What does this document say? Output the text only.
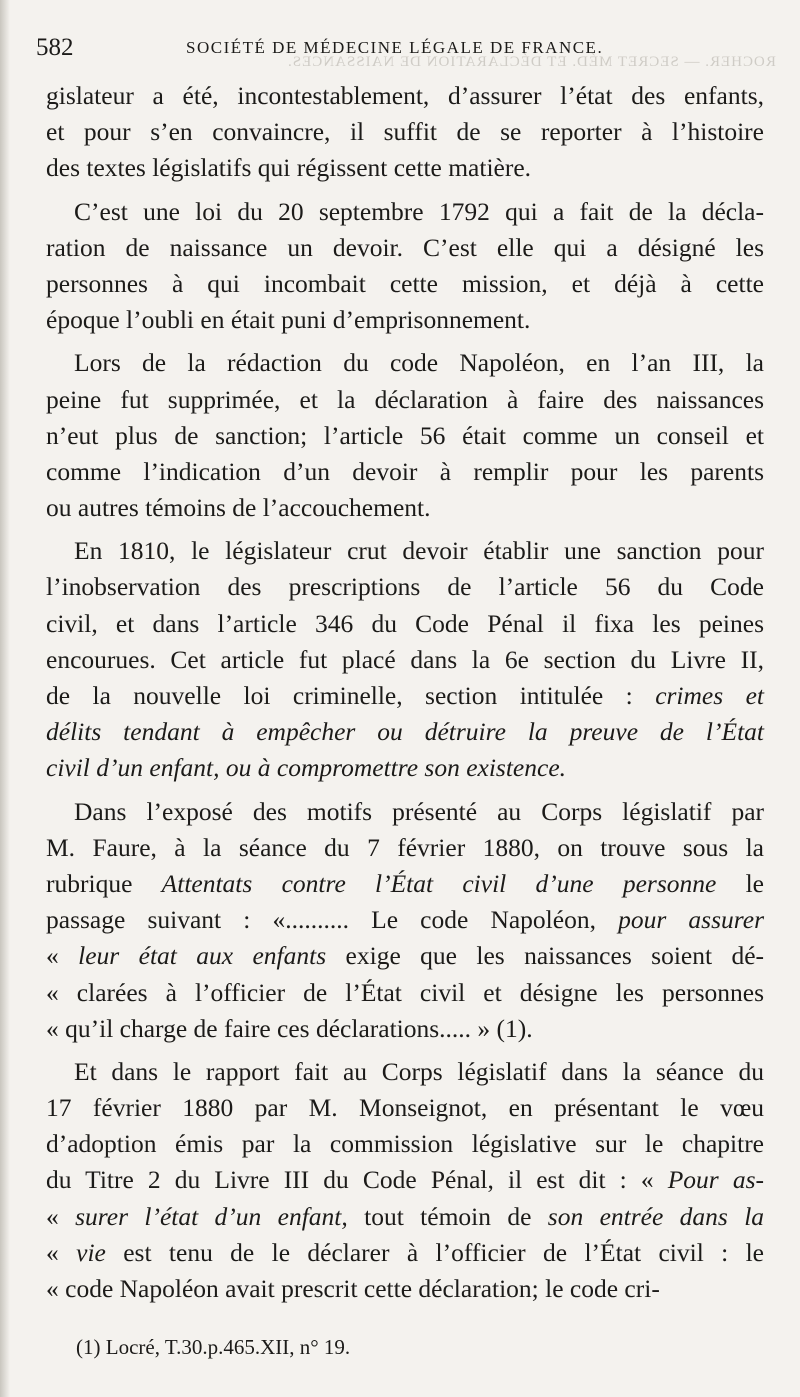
582	SOCIÉTÉ DE MÉDECINE LÉGALE DE FRANCE.
ROCHER. — SECRET MÉD. ET DÉCLARATION DE NAISSANCES.
gislateur a été, incontestablement, d’assurer l’état des enfants,
et pour s’en convaincre, il suffit de se reporter à l’histoire
des textes législatifs qui régissent cette matière.
C’est une loi du 20 septembre 1792 qui a fait de la décla-
ration de naissance un devoir. C’est elle qui a désigné les
personnes à qui incombait cette mission, et déjà à cette
époque l’oubli en était puni d’emprisonnement.
Lors de la rédaction du code Napoléon, en l’an III, la
peine fut supprimée, et la déclaration à faire des naissances
n’eut plus de sanction; l’article 56 était comme un conseil et
comme l’indication d’un devoir à remplir pour les parents
ou autres témoins de l’accouchement.
En 1810, le législateur crut devoir établir une sanction pour
l’inobservation des prescriptions de l’article 56 du Code
civil, et dans l’article 346 du Code Pénal il fixa les peines
encourues. Cet article fut placé dans la 6e section du Livre II,
de la nouvelle loi criminelle, section intitulée : crimes et
délits tendant à empêcher ou détruire la preuve de l’État
civil d’un enfant, ou à compromettre son existence.
Dans l’exposé des motifs présenté au Corps législatif par
M. Faure, à la séance du 7 février 1880, on trouve sous la
rubrique Attentats contre l’État civil d’une personne le
passage suivant : «.......... Le code Napoléon, pour assurer
« leur état aux enfants exige que les naissances soient dé-
« clarées à l’officier de l’État civil et désigne les personnes
« qu’il charge de faire ces déclarations..... » (1).
Et dans le rapport fait au Corps législatif dans la séance du
17 février 1880 par M. Monseignot, en présentant le vœu
d’adoption émis par la commission législative sur le chapitre
du Titre 2 du Livre III du Code Pénal, il est dit : « Pour as-
« surer l’état d’un enfant, tout témoin de son entrée dans la
« vie est tenu de le déclarer à l’officier de l’État civil : le
« code Napoléon avait prescrit cette déclaration; le code cri-
(1) Locré, T.30.p.465.XII, n° 19.
